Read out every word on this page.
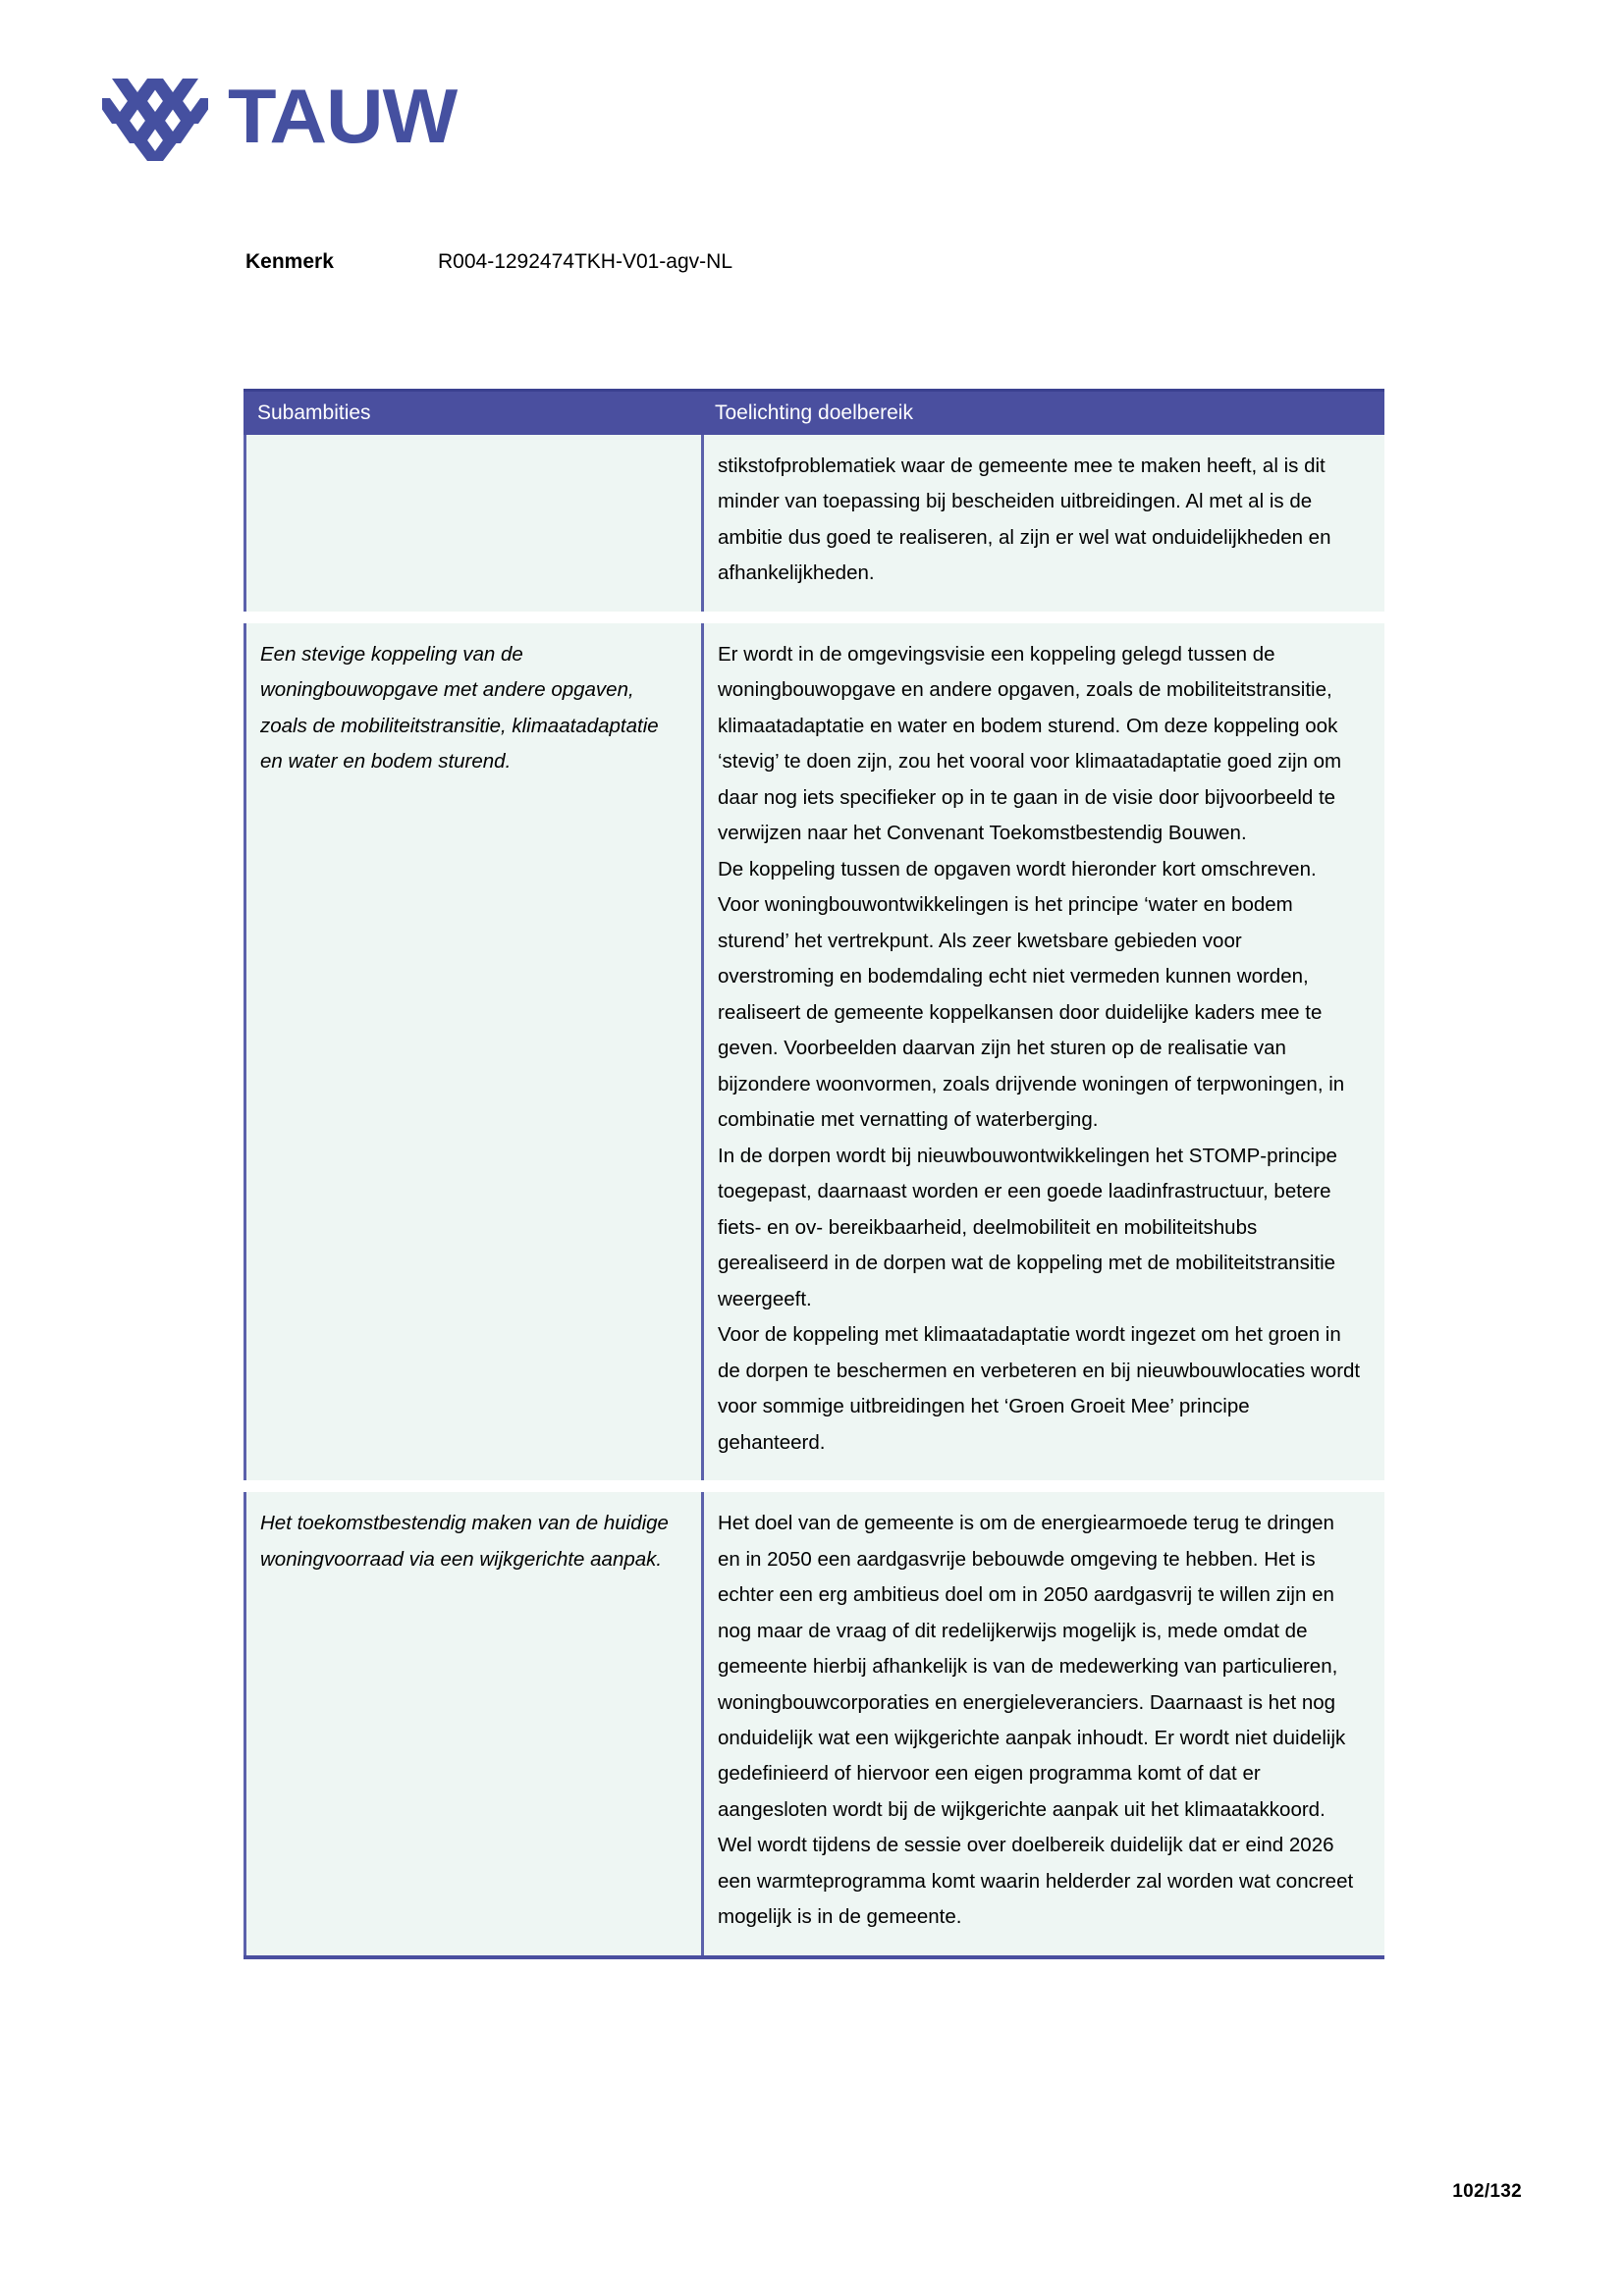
TAUW
Kenmerk	R004-1292474TKH-V01-agv-NL
Subambities	Toelichting doelbereik

stikstofproblematiek waar de gemeente mee te maken heeft, al is dit minder van toepassing bij bescheiden uitbreidingen. Al met al is de ambitie dus goed te realiseren, al zijn er wel wat onduidelijkheden en afhankelijkheden.

Een stevige koppeling van de woningbouwopgave met andere opgaven, zoals de mobiliteitstransitie, klimaatadaptatie en water en bodem sturend.

Er wordt in de omgevingsvisie een koppeling gelegd tussen de woningbouwopgave en andere opgaven, zoals de mobiliteitstransitie, klimaatadaptatie en water en bodem sturend. Om deze koppeling ook ‘stevig’ te doen zijn, zou het vooral voor klimaatadaptatie goed zijn om daar nog iets specifieker op in te gaan in de visie door bijvoorbeeld te verwijzen naar het Convenant Toekomstbestendig Bouwen.

De koppeling tussen de opgaven wordt hieronder kort omschreven. Voor woningbouwontwikkelingen is het principe ‘water en bodem sturend’ het vertrekpunt. Als zeer kwetsbare gebieden voor overstroming en bodemdaling echt niet vermeden kunnen worden, realiseert de gemeente koppelkansen door duidelijke kaders mee te geven. Voorbeelden daarvan zijn het sturen op de realisatie van bijzondere woonvormen, zoals drijvende woningen of terpwoningen, in combinatie met vernatting of waterberging.

In de dorpen wordt bij nieuwbouwontwikkelingen het STOMP-principe toegepast, daarnaast worden er een goede laadinfrastructuur, betere fiets- en ov- bereikbaarheid, deelmobiliteit en mobiliteitshubs gerealiseerd in de dorpen wat de koppeling met de mobiliteitstransitie weergeeft.

Voor de koppeling met klimaatadaptatie wordt ingezet om het groen in de dorpen te beschermen en verbeteren en bij nieuwbouwlocaties wordt voor sommige uitbreidingen het ‘Groen Groeit Mee’ principe gehanteerd.

Het toekomstbestendig maken van de huidige woningvoorraad via een wijkgerichte aanpak.

Het doel van de gemeente is om de energiearmoede terug te dringen en in 2050 een aardgasvrije bebouwde omgeving te hebben. Het is echter een erg ambitieus doel om in 2050 aardgasvrij te willen zijn en nog maar de vraag of dit redelijkerwijs mogelijk is, mede omdat de gemeente hierbij afhankelijk is van de medewerking van particulieren, woningbouwcorporaties en energieleveranciers. Daarnaast is het nog onduidelijk wat een wijkgerichte aanpak inhoudt. Er wordt niet duidelijk gedefinieerd of hiervoor een eigen programma komt of dat er aangesloten wordt bij de wijkgerichte aanpak uit het klimaatakkoord. Wel wordt tijdens de sessie over doelbereik duidelijk dat er eind 2026 een warmteprogramma komt waarin helderder zal worden wat concreet mogelijk is in de gemeente.

102/132
